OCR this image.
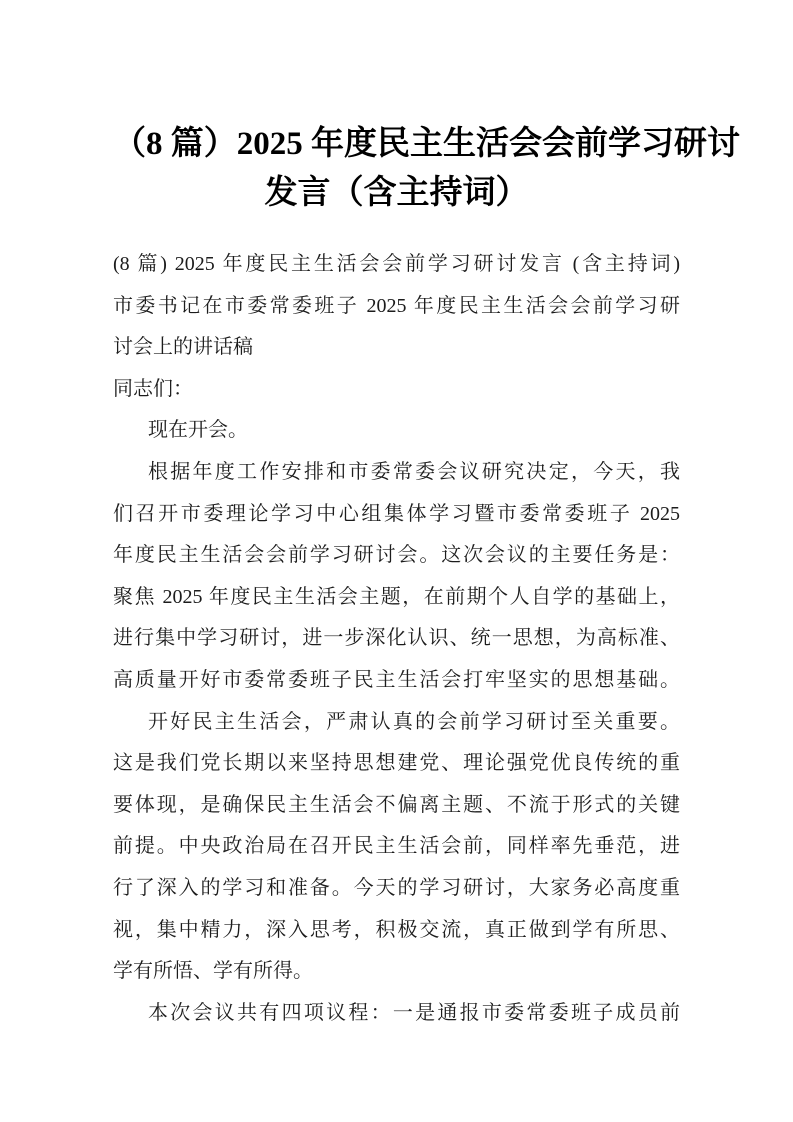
（8 篇）2025 年度民主生活会会前学习研讨
发言（含主持词）
(8 篇) 2025 年度民主生活会会前学习研讨发言 (含主持词)
市委书记在市委常委班子 2025 年度民主生活会会前学习研
讨会上的讲话稿
同志们：
现在开会。
根据年度工作安排和市委常委会议研究决定，今天，我
们召开市委理论学习中心组集体学习暨市委常委班子 2025
年度民主生活会会前学习研讨会。这次会议的主要任务是：
聚焦 2025 年度民主生活会主题，在前期个人自学的基础上，
进行集中学习研讨，进一步深化认识、统一思想，为高标准、
高质量开好市委常委班子民主生活会打牢坚实的思想基础。
开好民主生活会，严肃认真的会前学习研讨至关重要。
这是我们党长期以来坚持思想建党、理论强党优良传统的重
要体现，是确保民主生活会不偏离主题、不流于形式的关键
前提。中央政治局在召开民主生活会前，同样率先垂范，进
行了深入的学习和准备。今天的学习研讨，大家务必高度重
视，集中精力，深入思考，积极交流，真正做到学有所思、
学有所悟、学有所得。
本次会议共有四项议程：一是通报市委常委班子成员前
